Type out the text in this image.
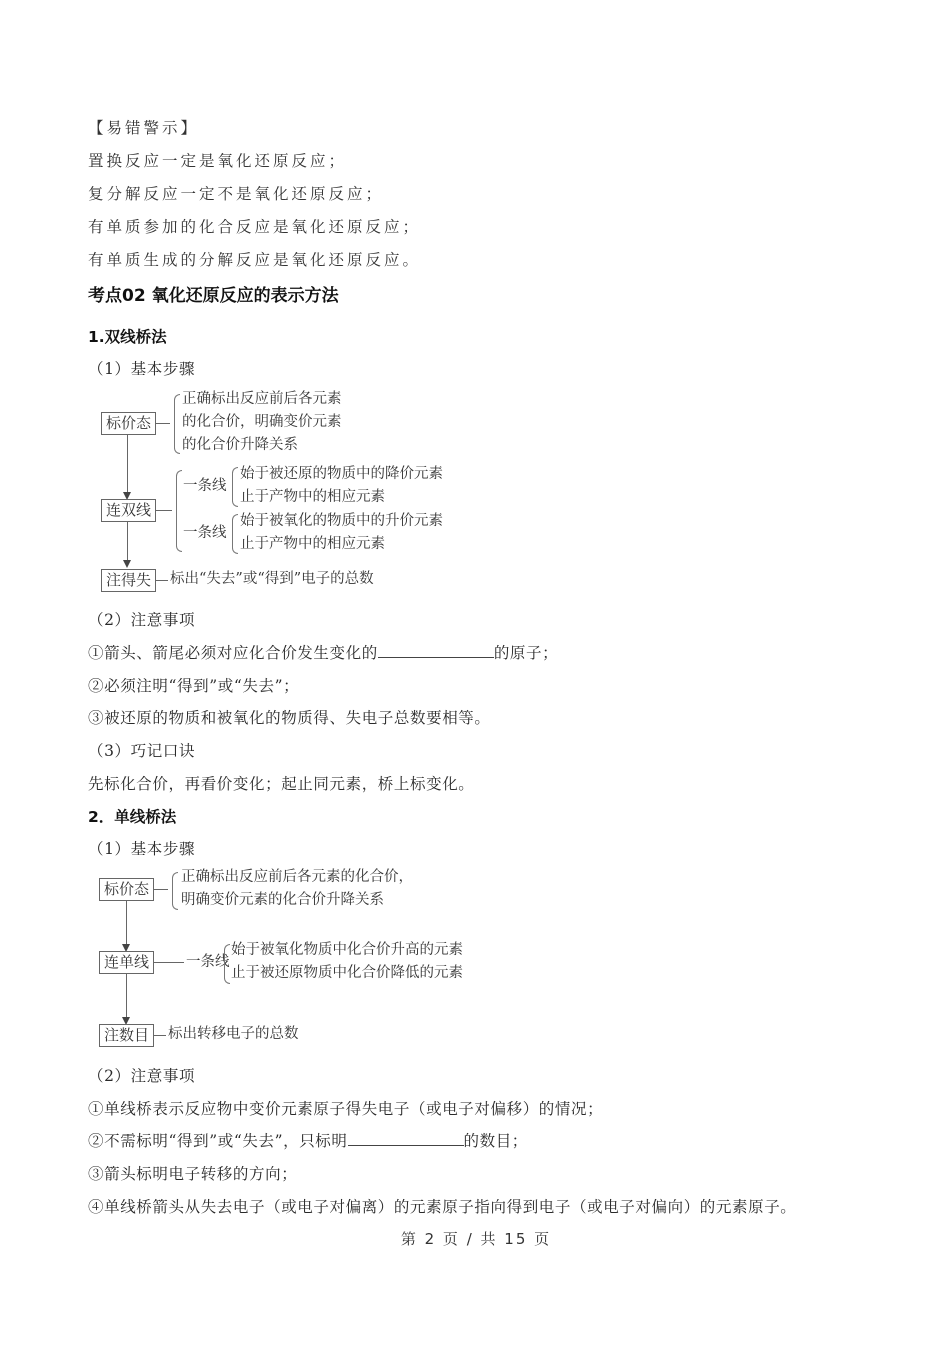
【易错警示】
置换反应一定是氧化还原反应；
复分解反应一定不是氧化还原反应；
有单质参加的化合反应是氧化还原反应；
有单质生成的分解反应是氧化还原反应。
考点02 氧化还原反应的表示方法
1.双线桥法
（1）基本步骤
标价态
正确标出反应前后各元素
的化合价，明确变价元素
的化合价升降关系
连双线
一条线
始于被还原的物质中的降价元素
止于产物中的相应元素
一条线
始于被氧化的物质中的升价元素
止于产物中的相应元素
注得失	标出“失去”或“得到”电子的总数
（2）注意事项
①箭头、箭尾必须对应化合价发生变化的	的原子；
②必须注明“得到”或“失去”；
③被还原的物质和被氧化的物质得、失电子总数要相等。
（3）巧记口诀
先标化合价，再看价变化；起止同元素，桥上标变化。
2．单线桥法
（1）基本步骤
标价态
正确标出反应前后各元素的化合价，
明确变价元素的化合价升降关系
连单线	一条线
始于被氧化物质中化合价升高的元素
止于被还原物质中化合价降低的元素
注数目	标出转移电子的总数
（2）注意事项
①单线桥表示反应物中变价元素原子得失电子（或电子对偏移）的情况；
②不需标明“得到”或“失去”，只标明	的数目；
③箭头标明电子转移的方向；
④单线桥箭头从失去电子（或电子对偏离）的元素原子指向得到电子（或电子对偏向）的元素原子。
第 2 页 / 共 15 页
